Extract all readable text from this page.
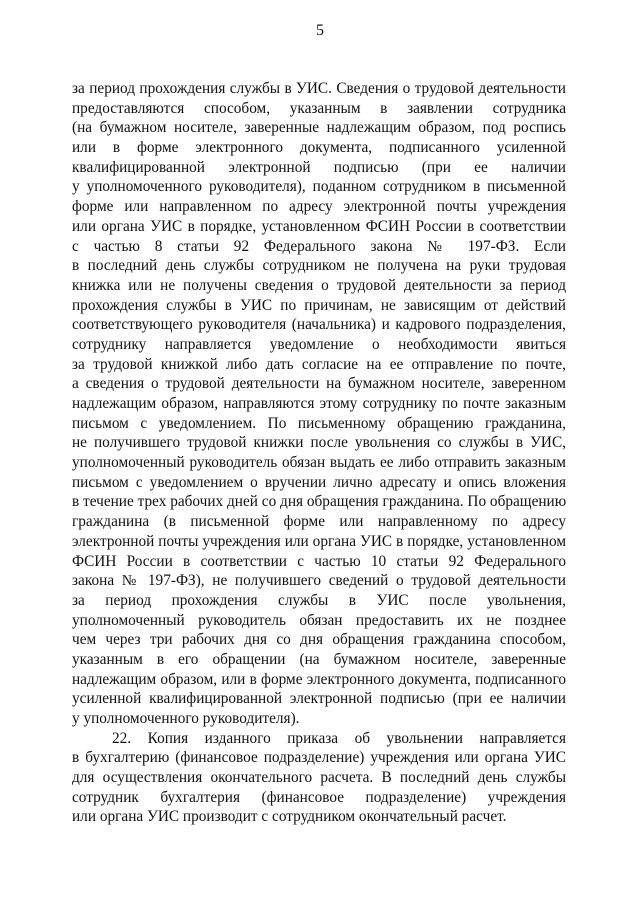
5
за период прохождения службы в УИС. Сведения о трудовой деятельности
предоставляются способом, указанным в заявлении сотрудника
(на бумажном носителе, заверенные надлежащим образом, под роспись
или в форме электронного документа, подписанного усиленной
квалифицированной электронной подписью (при ее наличии
у уполномоченного руководителя), поданном сотрудником в письменной
форме или направленном по адресу электронной почты учреждения
или органа УИС в порядке, установленном ФСИН России в соответствии
с частью 8 статьи 92 Федерального закона № 197-ФЗ. Если
в последний день службы сотрудником не получена на руки трудовая
книжка или не получены сведения о трудовой деятельности за период
прохождения службы в УИС по причинам, не зависящим от действий
соответствующего руководителя (начальника) и кадрового подразделения,
сотруднику направляется уведомление о необходимости явиться
за трудовой книжкой либо дать согласие на ее отправление по почте,
а сведения о трудовой деятельности на бумажном носителе, заверенном
надлежащим образом, направляются этому сотруднику по почте заказным
письмом с уведомлением. По письменному обращению гражданина,
не получившего трудовой книжки после увольнения со службы в УИС,
уполномоченный руководитель обязан выдать ее либо отправить заказным
письмом с уведомлением о вручении лично адресату и опись вложения
в течение трех рабочих дней со дня обращения гражданина. По обращению
гражданина (в письменной форме или направленному по адресу
электронной почты учреждения или органа УИС в порядке, установленном
ФСИН России в соответствии с частью 10 статьи 92 Федерального
закона № 197-ФЗ), не получившего сведений о трудовой деятельности
за период прохождения службы в УИС после увольнения,
уполномоченный руководитель обязан предоставить их не позднее
чем через три рабочих дня со дня обращения гражданина способом,
указанным в его обращении (на бумажном носителе, заверенные
надлежащим образом, или в форме электронного документа, подписанного
усиленной квалифицированной электронной подписью (при ее наличии
у уполномоченного руководителя).
22. Копия изданного приказа об увольнении направляется
в бухгалтерию (финансовое подразделение) учреждения или органа УИС
для осуществления окончательного расчета. В последний день службы
сотрудник бухгалтерия (финансовое подразделение) учреждения
или органа УИС производит с сотрудником окончательный расчет.
